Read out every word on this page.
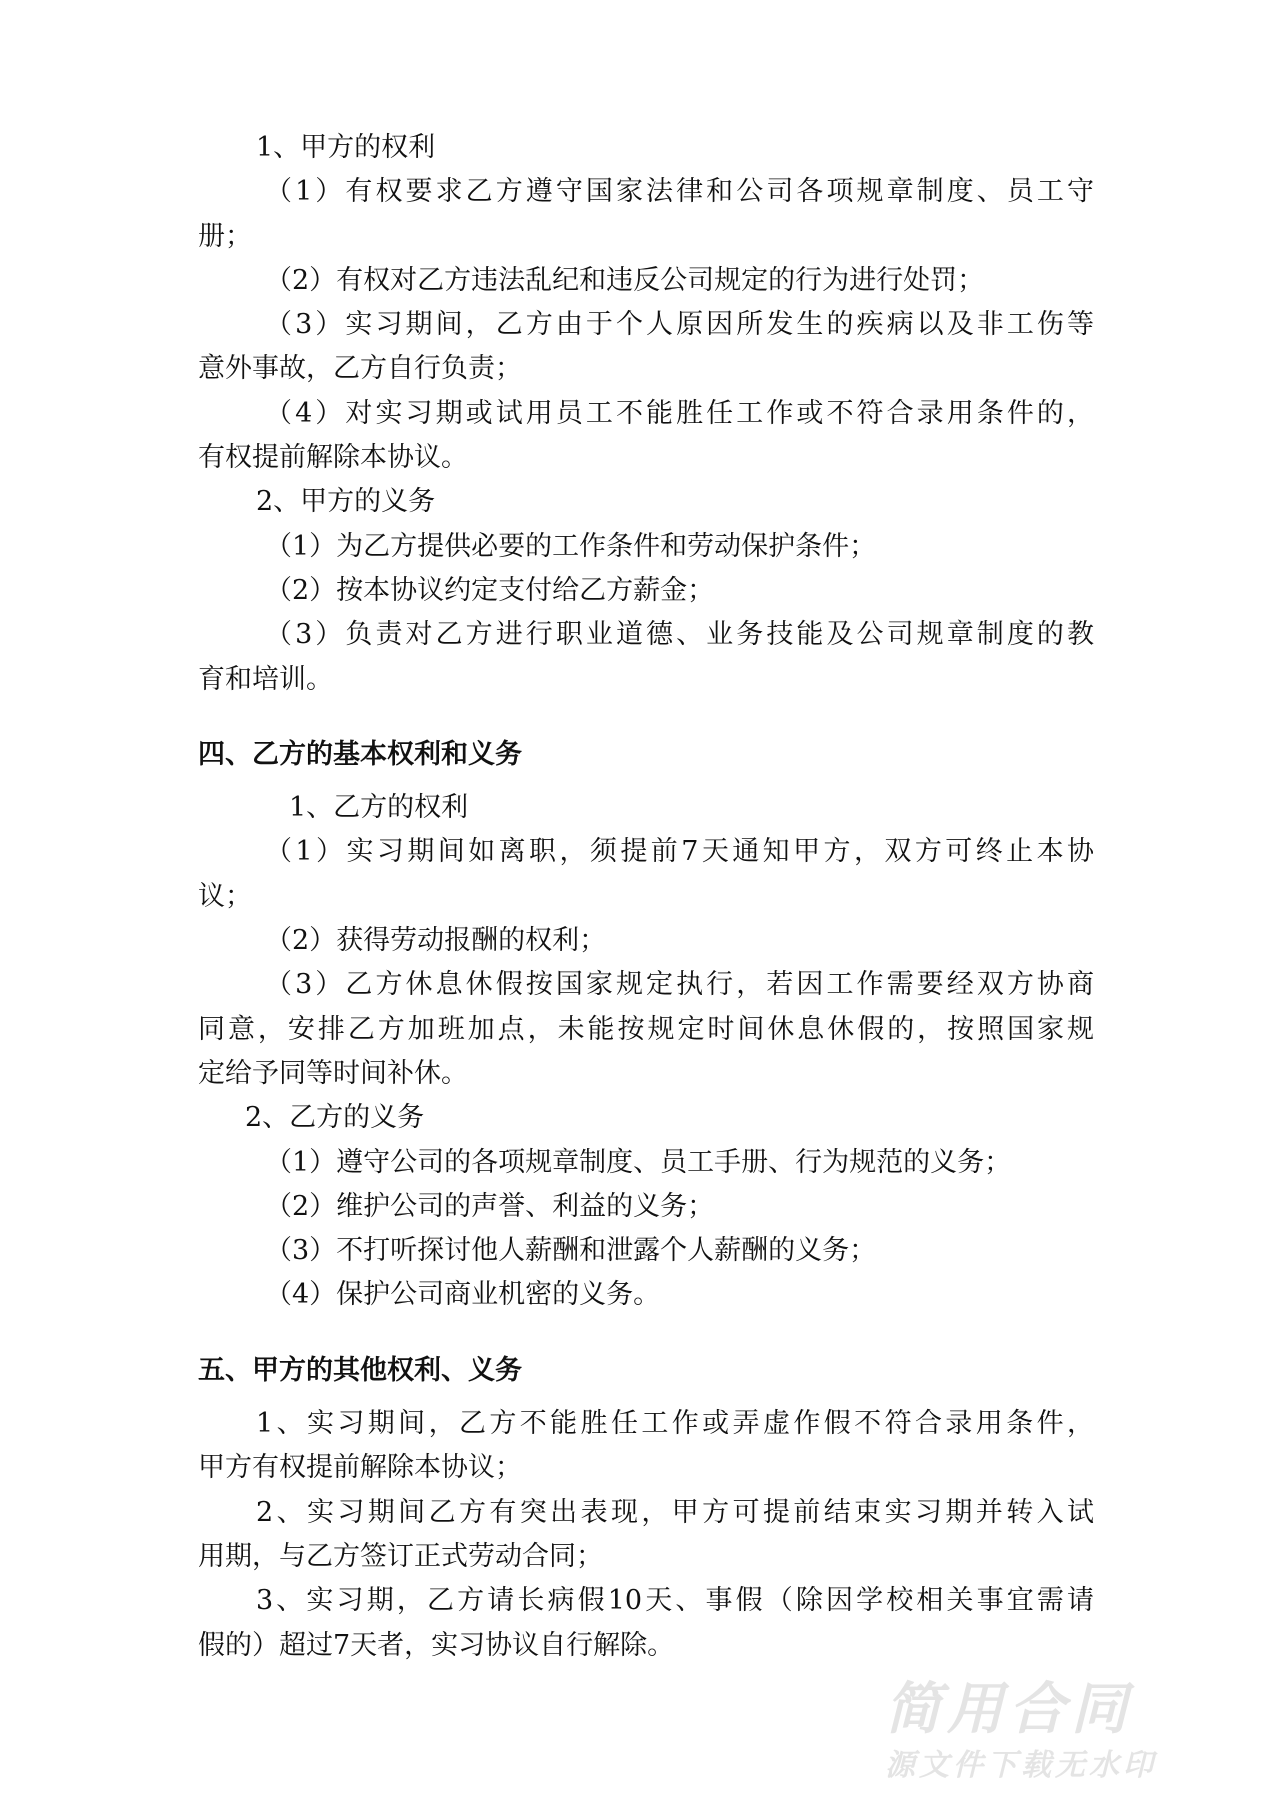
1、甲方的权利
（1）有权要求乙方遵守国家法律和公司各项规章制度、员工守
册；
（2）有权对乙方违法乱纪和违反公司规定的行为进行处罚；
（3）实习期间，乙方由于个人原因所发生的疾病以及非工伤等
意外事故，乙方自行负责；
（4）对实习期或试用员工不能胜任工作或不符合录用条件的，
有权提前解除本协议。
2、甲方的义务
（1）为乙方提供必要的工作条件和劳动保护条件；
（2）按本协议约定支付给乙方薪金；
（3）负责对乙方进行职业道德、业务技能及公司规章制度的教
育和培训。
四、乙方的基本权利和义务
1、乙方的权利
（1）实习期间如离职，须提前7天通知甲方，双方可终止本协
议；
（2）获得劳动报酬的权利；
（3）乙方休息休假按国家规定执行，若因工作需要经双方协商
同意，安排乙方加班加点，未能按规定时间休息休假的，按照国家规
定给予同等时间补休。
2、乙方的义务
（1）遵守公司的各项规章制度、员工手册、行为规范的义务；
（2）维护公司的声誉、利益的义务；
（3）不打听探讨他人薪酬和泄露个人薪酬的义务；
（4）保护公司商业机密的义务。
五、甲方的其他权利、义务
1、实习期间，乙方不能胜任工作或弄虚作假不符合录用条件，
甲方有权提前解除本协议；
2、实习期间乙方有突出表现，甲方可提前结束实习期并转入试
用期，与乙方签订正式劳动合同；
3、实习期，乙方请长病假10天、事假（除因学校相关事宜需请
假的）超过7天者，实习协议自行解除。
简用合同
源文件下载无水印
